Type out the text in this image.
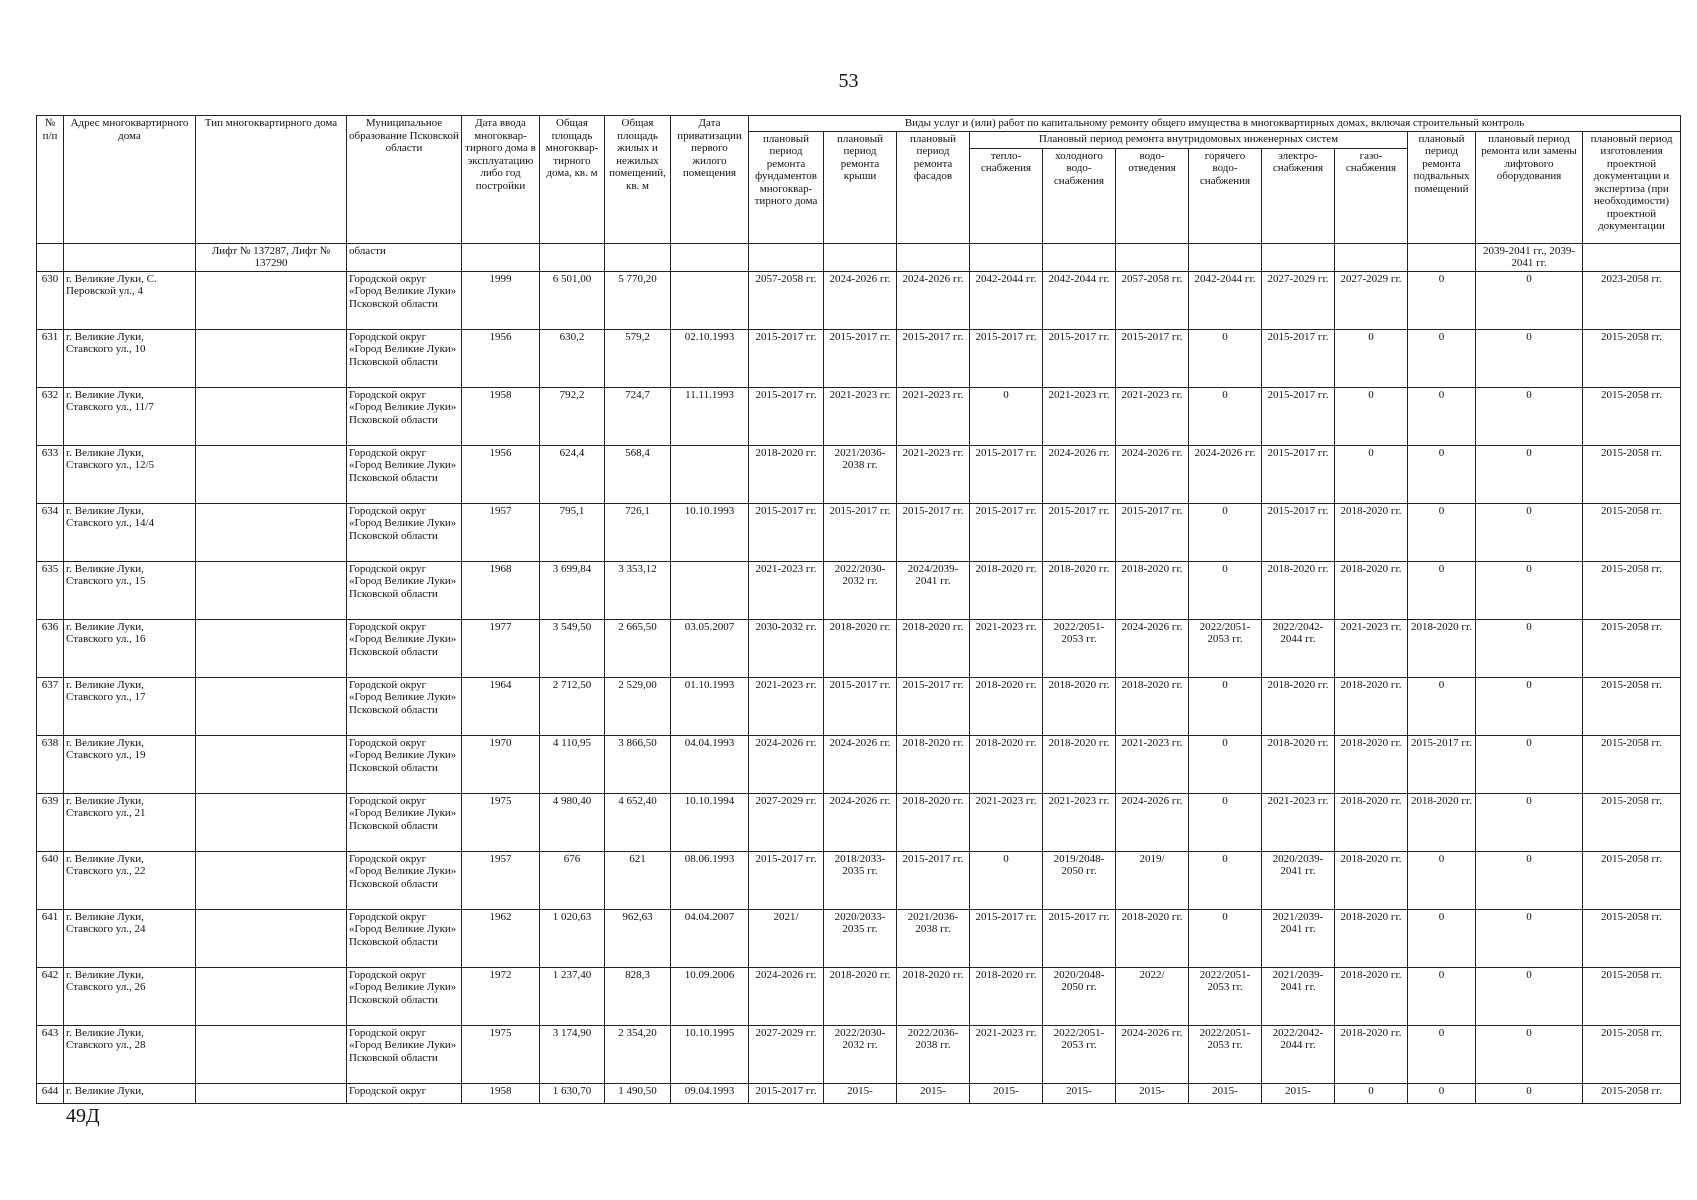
53
№ п/п	Адрес многоквартирного дома	Тип многоквартирного дома	Муниципальное образование Псковской области	Дата ввода многоквар-тирного дома в эксплуатацию либо год постройки	Общая площадь многоквар-тирного дома, кв. м	Общая площадь жилых и нежилых помещений, кв. м	Дата приватизации первого жилого помещения	Виды услуг и (или) работ по капитальному ремонту общего имущества в многоквартирных домах, включая строительный контроль											
								плановый период ремонта фундаментов многоквар-тирного дома	плановый период ремонта крыши	плановый период ремонта фасадов	Плановый период ремонта внутридомовых инженерных систем						плановый период ремонта подвальных помещений	плановый период ремонта или замены лифтового оборудования	плановый период изготовления проектной документации и экспертиза (при необходимости) проектной документации
											тепло-снабжения	холодного водо-снабжения	водо-отведения	горячего водо-снабжения	электро-снабжения	газо-снабжения			
		Лифт № 137287, Лифт № 137290	области															2039-2041 гг., 2039-2041 гг.	
630	г. Великие Луки, С. Перовской ул., 4		Городской округ «Город Великие Луки» Псковской области	1999	6 501,00	5 770,20		2057-2058 гг.	2024-2026 гг.	2024-2026 гг.	2042-2044 гг.	2042-2044 гг.	2057-2058 гг.	2042-2044 гг.	2027-2029 гг.	2027-2029 гг.	0	0	2023-2058 гг.
631	г. Великие Луки, Ставского ул., 10		Городской округ «Город Великие Луки» Псковской области	1956	630,2	579,2	02.10.1993	2015-2017 гг.	2015-2017 гг.	2015-2017 гг.	2015-2017 гг.	2015-2017 гг.	2015-2017 гг.	0	2015-2017 гг.	0	0	0	2015-2058 гг.
632	г. Великие Луки, Ставского ул., 11/7		Городской округ «Город Великие Луки» Псковской области	1958	792,2	724,7	11.11.1993	2015-2017 гг.	2021-2023 гг.	2021-2023 гг.	0	2021-2023 гг.	2021-2023 гг.	0	2015-2017 гг.	0	0	0	2015-2058 гг.
633	г. Великие Луки, Ставского ул., 12/5		Городской округ «Город Великие Луки» Псковской области	1956	624,4	568,4		2018-2020 гг.	2021/2036-2038 гг.	2021-2023 гг.	2015-2017 гг.	2024-2026 гг.	2024-2026 гг.	2024-2026 гг.	2015-2017 гг.	0	0	0	2015-2058 гг.
634	г. Великие Луки, Ставского ул., 14/4		Городской округ «Город Великие Луки» Псковской области	1957	795,1	726,1	10.10.1993	2015-2017 гг.	2015-2017 гг.	2015-2017 гг.	2015-2017 гг.	2015-2017 гг.	2015-2017 гг.	0	2015-2017 гг.	2018-2020 гг.	0	0	2015-2058 гг.
635	г. Великие Луки, Ставского ул., 15		Городской округ «Город Великие Луки» Псковской области	1968	3 699,84	3 353,12		2021-2023 гг.	2022/2030-2032 гг.	2024/2039-2041 гг.	2018-2020 гг.	2018-2020 гг.	2018-2020 гг.	0	2018-2020 гг.	2018-2020 гг.	0	0	2015-2058 гг.
636	г. Великие Луки, Ставского ул., 16		Городской округ «Город Великие Луки» Псковской области	1977	3 549,50	2 665,50	03.05.2007	2030-2032 гг.	2018-2020 гг.	2018-2020 гг.	2021-2023 гг.	2022/2051-2053 гг.	2024-2026 гг.	2022/2051-2053 гг.	2022/2042-2044 гг.	2021-2023 гг.	2018-2020 гг.	0	2015-2058 гг.
637	г. Великие Луки, Ставского ул., 17		Городской округ «Город Великие Луки» Псковской области	1964	2 712,50	2 529,00	01.10.1993	2021-2023 гг.	2015-2017 гг.	2015-2017 гг.	2018-2020 гг.	2018-2020 гг.	2018-2020 гг.	0	2018-2020 гг.	2018-2020 гг.	0	0	2015-2058 гг.
638	г. Великие Луки, Ставского ул., 19		Городской округ «Город Великие Луки» Псковской области	1970	4 110,95	3 866,50	04.04.1993	2024-2026 гг.	2024-2026 гг.	2018-2020 гг.	2018-2020 гг.	2018-2020 гг.	2021-2023 гг.	0	2018-2020 гг.	2018-2020 гг.	2015-2017 гг.	0	2015-2058 гг.
639	г. Великие Луки, Ставского ул., 21		Городской округ «Город Великие Луки» Псковской области	1975	4 980,40	4 652,40	10.10.1994	2027-2029 гг.	2024-2026 гг.	2018-2020 гг.	2021-2023 гг.	2021-2023 гг.	2024-2026 гг.	0	2021-2023 гг.	2018-2020 гг.	2018-2020 гг.	0	2015-2058 гг.
640	г. Великие Луки, Ставского ул., 22		Городской округ «Город Великие Луки» Псковской области	1957	676	621	08.06.1993	2015-2017 гг.	2018/2033-2035 гг.	2015-2017 гг.	0	2019/2048-2050 гг.	2019/	0	2020/2039-2041 гг.	2018-2020 гг.	0	0	2015-2058 гг.
641	г. Великие Луки, Ставского ул., 24		Городской округ «Город Великие Луки» Псковской области	1962	1 020,63	962,63	04.04.2007	2021/	2020/2033-2035 гг.	2021/2036-2038 гг.	2015-2017 гг.	2015-2017 гг.	2018-2020 гг.	0	2021/2039-2041 гг.	2018-2020 гг.	0	0	2015-2058 гг.
642	г. Великие Луки, Ставского ул., 26		Городской округ «Город Великие Луки» Псковской области	1972	1 237,40	828,3	10.09.2006	2024-2026 гг.	2018-2020 гг.	2018-2020 гг.	2018-2020 гг.	2020/2048-2050 гг.	2022/	2022/2051-2053 гг.	2021/2039-2041 гг.	2018-2020 гг.	0	0	2015-2058 гг.
643	г. Великие Луки, Ставского ул., 28		Городской округ «Город Великие Луки» Псковской области	1975	3 174,90	2 354,20	10.10.1995	2027-2029 гг.	2022/2030-2032 гг.	2022/2036-2038 гг.	2021-2023 гг.	2022/2051-2053 гг.	2024-2026 гг.	2022/2051-2053 гг.	2022/2042-2044 гг.	2018-2020 гг.	0	0	2015-2058 гг.
644	г. Великие Луки,		Городской округ	1958	1 630,70	1 490,50	09.04.1993	2015-2017 гг.	2015-	2015-	2015-	2015-	2015-	2015-	2015-	0	0	0	2015-2058 гг.
49Д
